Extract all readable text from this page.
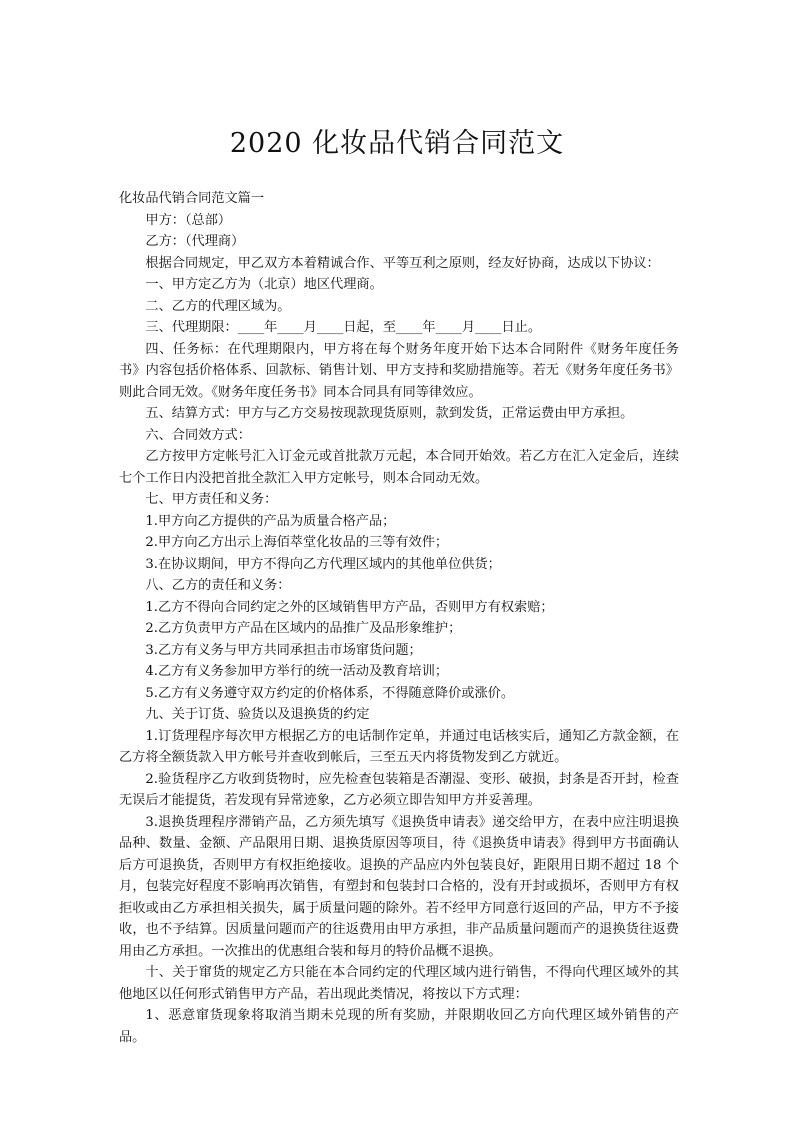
2020 化妆品代销合同范文

化妆品代销合同范文篇一

甲方：（总部）

乙方：（代理商）

根据合同规定，甲乙双方本着精诚合作、平等互利之原则，经友好协商，达成以下协议：

一、甲方定乙方为（北京）地区代理商。

二、乙方的代理区域为。

三、代理期限：____年____月____日起，至____年____月____日止。

四、任务标：在代理期限内，甲方将在每个财务年度开始下达本合同附件《财务年度任务书》内容包括价格体系、回款标、销售计划、甲方支持和奖励措施等。若无《财务年度任务书》则此合同无效。《财务年度任务书》同本合同具有同等律效应。

五、结算方式：甲方与乙方交易按现款现货原则，款到发货，正常运费由甲方承担。

六、合同效方式：

乙方按甲方定帐号汇入订金元或首批款万元起，本合同开始效。若乙方在汇入定金后，连续七个工作日内没把首批全款汇入甲方定帐号，则本合同动无效。

七、甲方责任和义务：

1.甲方向乙方提供的产品为质量合格产品；

2.甲方向乙方出示上海佰萃堂化妆品的三等有效件；

3.在协议期间，甲方不得向乙方代理区域内的其他单位供货；

八、乙方的责任和义务：

1.乙方不得向合同约定之外的区域销售甲方产品，否则甲方有权索赔；

2.乙方负责甲方产品在区域内的品推广及品形象维护；

3.乙方有义务与甲方共同承担击市场窜货问题；

4.乙方有义务参加甲方举行的统一活动及教育培训；

5.乙方有义务遵守双方约定的价格体系，不得随意降价或涨价。

九、关于订货、验货以及退换货的约定

1.订货理程序每次甲方根据乙方的电话制作定单，并通过电话核实后，通知乙方款金额，在乙方将全额货款入甲方帐号并查收到帐后，三至五天内将货物发到乙方就近。

2.验货程序乙方收到货物时，应先检查包装箱是否潮湿、变形、破损，封条是否开封，检查无误后才能提货，若发现有异常迹象，乙方必须立即告知甲方并妥善理。

3.退换货理程序滞销产品，乙方须先填写《退换货申请表》递交给甲方，在表中应注明退换品种、数量、金额、产品限用日期、退换货原因等项目，待《退换货申请表》得到甲方书面确认后方可退换货，否则甲方有权拒绝接收。退换的产品应内外包装良好，距限用日期不超过 18 个月，包装完好程度不影响再次销售，有塑封和包装封口合格的，没有开封或损坏，否则甲方有权拒收或由乙方承担相关损失，属于质量问题的除外。若不经甲方同意行返回的产品，甲方不予接收，也不予结算。因质量问题而产的往返费用由甲方承担，非产品质量问题而产的退换货往返费用由乙方承担。一次推出的优惠组合装和每月的特价品概不退换。

十、关于窜货的规定乙方只能在本合同约定的代理区域内进行销售，不得向代理区域外的其他地区以任何形式销售甲方产品，若出现此类情况，将按以下方式理：

1、恶意窜货现象将取消当期未兑现的所有奖励，并限期收回乙方向代理区域外销售的产品。
